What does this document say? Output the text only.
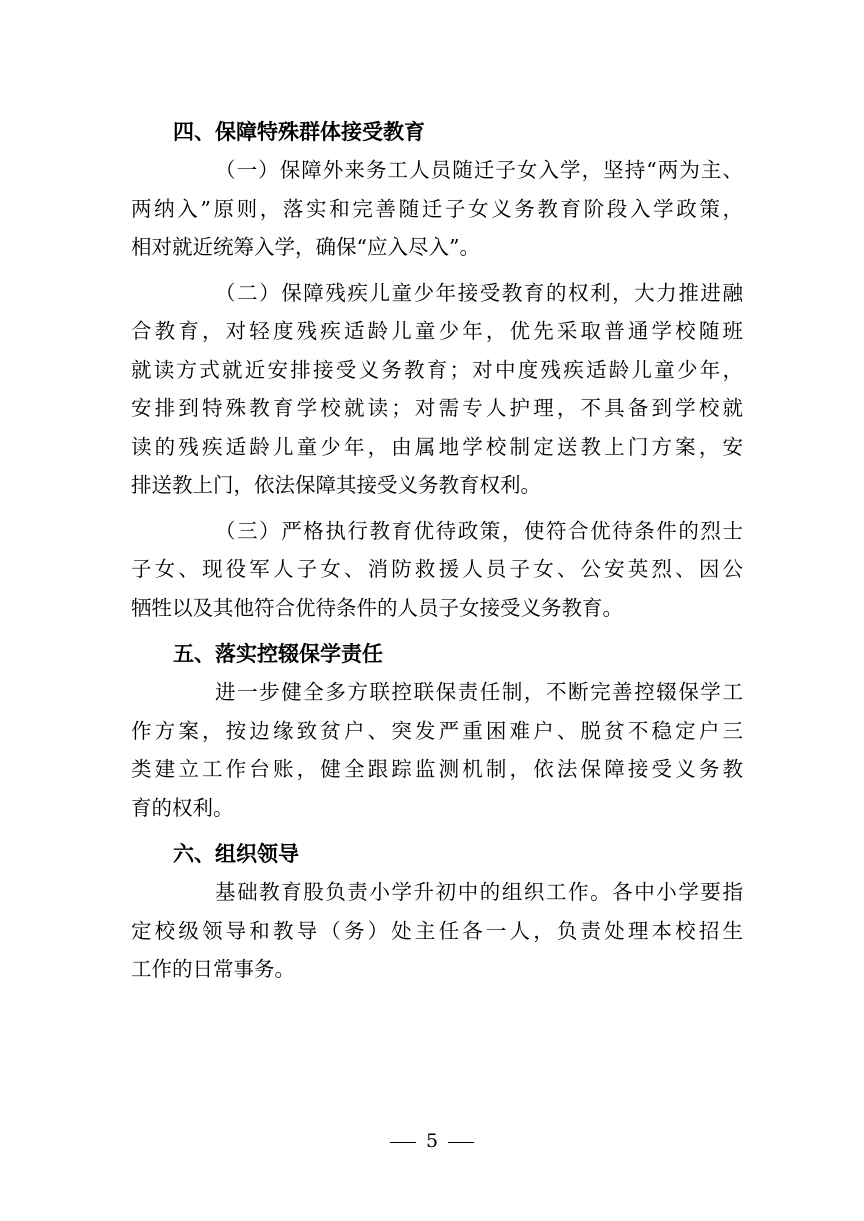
四、保障特殊群体接受教育

（一）保障外来务工人员随迁子女入学，坚持“两为主、
两纳入”原则，落实和完善随迁子女义务教育阶段入学政策，
相对就近统筹入学，确保“应入尽入”。

（二）保障残疾儿童少年接受教育的权利，大力推进融
合教育，对轻度残疾适龄儿童少年，优先采取普通学校随班
就读方式就近安排接受义务教育；对中度残疾适龄儿童少年，
安排到特殊教育学校就读；对需专人护理，不具备到学校就
读的残疾适龄儿童少年，由属地学校制定送教上门方案，安
排送教上门，依法保障其接受义务教育权利。

（三）严格执行教育优待政策，使符合优待条件的烈士
子女、现役军人子女、消防救援人员子女、公安英烈、因公
牺牲以及其他符合优待条件的人员子女接受义务教育。

五、落实控辍保学责任

进一步健全多方联控联保责任制，不断完善控辍保学工
作方案，按边缘致贫户、突发严重困难户、脱贫不稳定户三
类建立工作台账，健全跟踪监测机制，依法保障接受义务教
育的权利。

六、组织领导

基础教育股负责小学升初中的组织工作。各中小学要指
定校级领导和教导（务）处主任各一人，负责处理本校招生
工作的日常事务。

5
